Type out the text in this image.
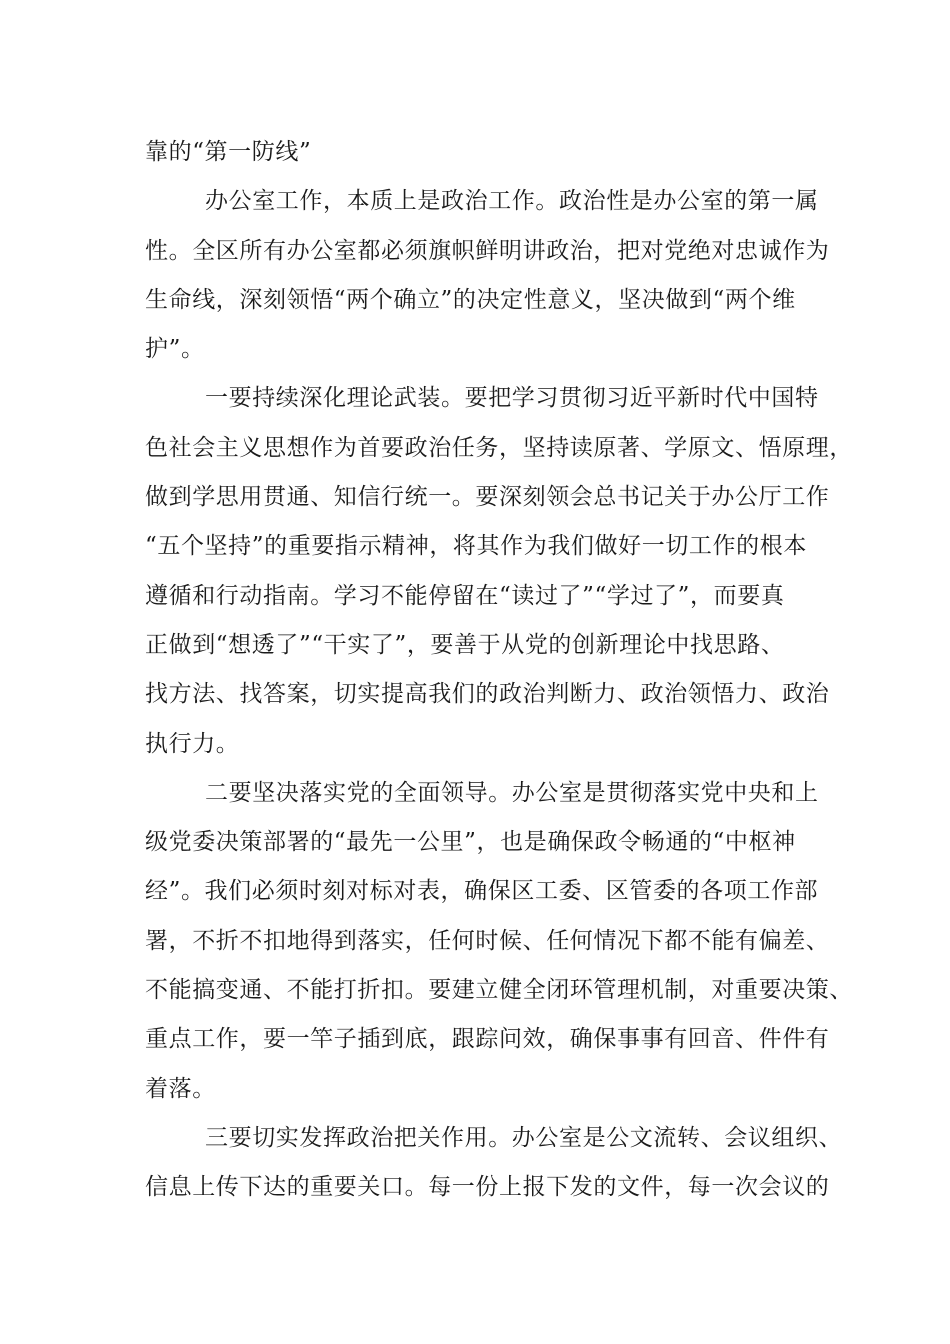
靠的“第一防线”
办公室工作，本质上是政治工作。政治性是办公室的第一属
性。全区所有办公室都必须旗帜鲜明讲政治，把对党绝对忠诚作为
生命线，深刻领悟“两个确立”的决定性意义，坚决做到“两个维
护”。
一要持续深化理论武装。要把学习贯彻习近平新时代中国特
色社会主义思想作为首要政治任务，坚持读原著、学原文、悟原理，
做到学思用贯通、知信行统一。要深刻领会总书记关于办公厅工作
“五个坚持”的重要指示精神，将其作为我们做好一切工作的根本
遵循和行动指南。学习不能停留在“读过了”“学过了”，而要真
正做到“想透了”“干实了”，要善于从党的创新理论中找思路、
找方法、找答案，切实提高我们的政治判断力、政治领悟力、政治
执行力。
二要坚决落实党的全面领导。办公室是贯彻落实党中央和上
级党委决策部署的“最先一公里”，也是确保政令畅通的“中枢神
经”。我们必须时刻对标对表，确保区工委、区管委的各项工作部
署，不折不扣地得到落实，任何时候、任何情况下都不能有偏差、
不能搞变通、不能打折扣。要建立健全闭环管理机制，对重要决策、
重点工作，要一竿子插到底，跟踪问效，确保事事有回音、件件有
着落。
三要切实发挥政治把关作用。办公室是公文流转、会议组织、
信息上传下达的重要关口。每一份上报下发的文件，每一次会议的
